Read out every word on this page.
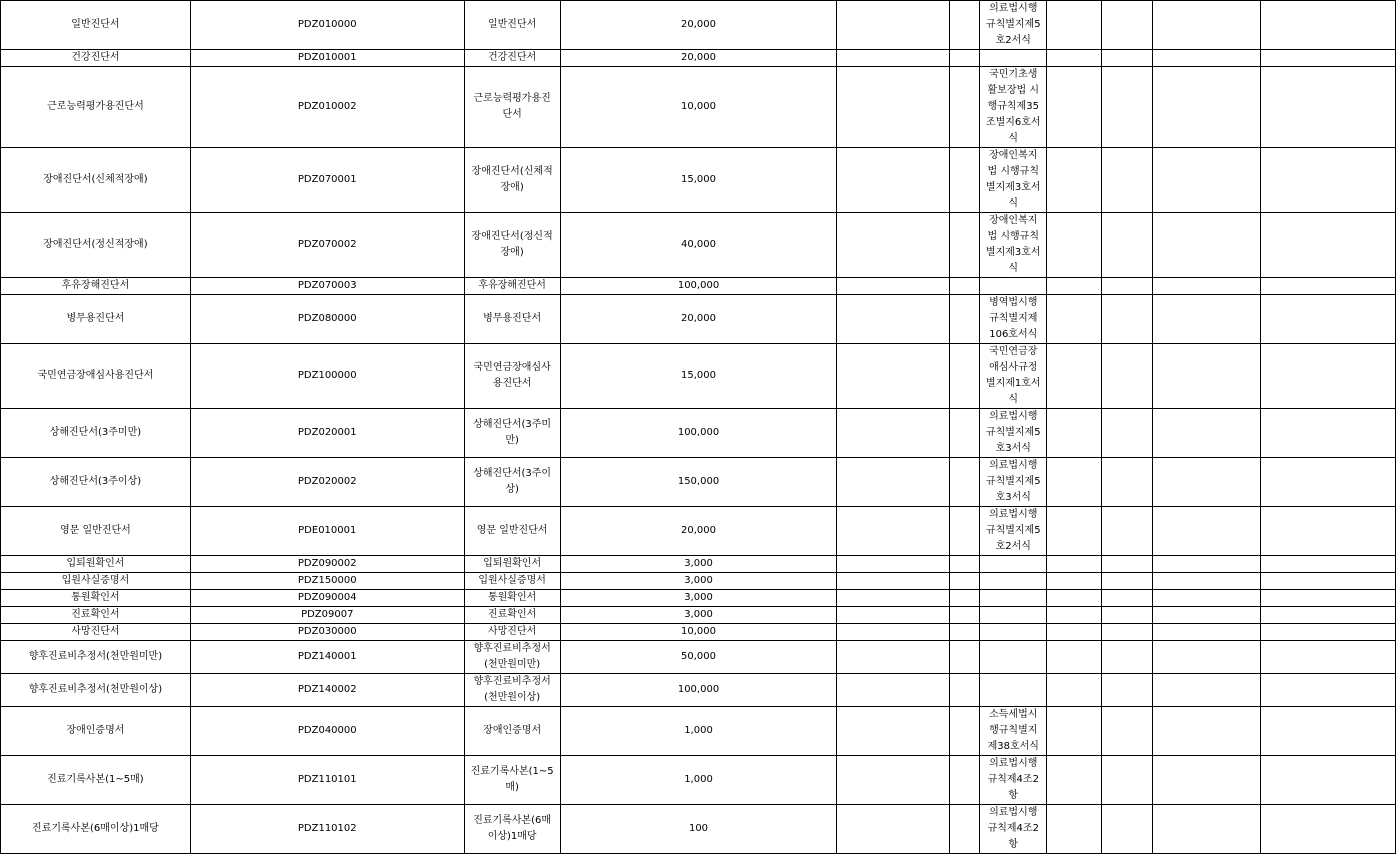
일반진단서	PDZ010000	일반진단서	20,000			의료법시행
규칙별지제5
호2서식				
건강진단서	PDZ010001	건강진단서	20,000							
근로능력평가용진단서	PDZ010002	근로능력평가용진
단서	10,000			국민기초생
활보장법 시
행규칙제35
조별지6호서
식				
장애진단서(신체적장애)	PDZ070001	장애진단서(신체적
장애)	15,000			장애인복지
법 시행규칙
별지제3호서
식				
장애진단서(정신적장애)	PDZ070002	장애진단서(정신적
장애)	40,000			장애인복지
법 시행규칙
별지제3호서
식				
후유장해진단서	PDZ070003	후유장해진단서	100,000							
병무용진단서	PDZ080000	병무용진단서	20,000			병역법시행
규칙별지제
106호서식				
국민연금장애심사용진단서	PDZ100000	국민연금장애심사
용진단서	15,000			국민연금장
애심사규정
별지제1호서
식				
상해진단서(3주미만)	PDZ020001	상해진단서(3주미
만)	100,000			의료법시행
규칙별지제5
호3서식				
상해진단서(3주이상)	PDZ020002	상해진단서(3주이
상)	150,000			의료법시행
규칙별지제5
호3서식				
영문 일반진단서	PDE010001	영문 일반진단서	20,000			의료법시행
규칙별지제5
호2서식				
입퇴원확인서	PDZ090002	입퇴원확인서	3,000							
입원사실증명서	PDZ150000	입원사실증명서	3,000							
통원확인서	PDZ090004	통원확인서	3,000							
진료확인서	PDZ09007	진료확인서	3,000							
사망진단서	PDZ030000	사망진단서	10,000							
향후진료비추정서(천만원미만)	PDZ140001	향후진료비추정서
(천만원미만)	50,000							
향후진료비추정서(천만원이상)	PDZ140002	향후진료비추정서
(천만원이상)	100,000							
장애인증명서	PDZ040000	장애인증명서	1,000			소득세법시
행규칙별지
제38호서식				
진료기록사본(1~5매)	PDZ110101	진료기록사본(1~5
매)	1,000			의료법시행
규칙제4조2
항				
진료기록사본(6매이상)1매당	PDZ110102	진료기록사본(6매
이상)1매당	100			의료법시행
규칙제4조2
항				
